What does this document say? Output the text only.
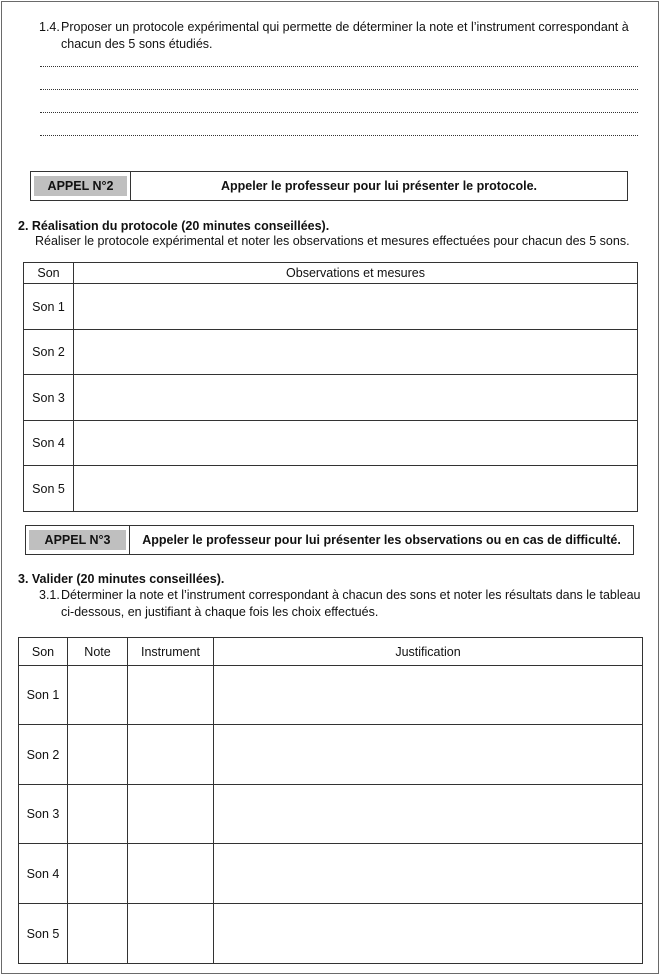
1.4. Proposer un protocole expérimental qui permette de déterminer la note et l’instrument correspondant à chacun des 5 sons étudiés.
APPEL N°2	Appeler le professeur pour lui présenter le protocole.
2. Réalisation du protocole (20 minutes conseillées).
Réaliser le protocole expérimental et noter les observations et mesures effectuées pour chacun des 5 sons.
Son	Observations et mesures
Son 1	
Son 2	
Son 3	
Son 4	
Son 5	
APPEL N°3	Appeler le professeur pour lui présenter les observations ou en cas de difficulté.
3. Valider (20 minutes conseillées).
3.1. Déterminer la note et l’instrument correspondant à chacun des sons et noter les résultats dans le tableau ci-dessous, en justifiant à chaque fois les choix effectués.
Son	Note	Instrument	Justification
Son 1			
Son 2			
Son 3			
Son 4			
Son 5			
